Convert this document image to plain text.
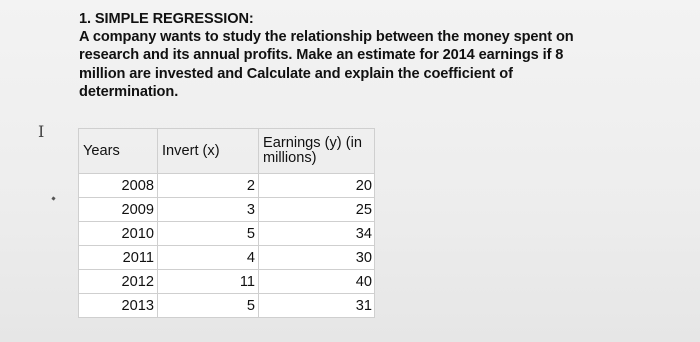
1. SIMPLE REGRESSION:
A company wants to study the relationship between the money spent on
research and its annual profits. Make an estimate for 2014 earnings if 8
million are invested and Calculate and explain the coefficient of
determination.
I
Years	Invert (x)	Earnings (y) (in
millions)

2008	2	20
2009	3	25
2010	5	34
2011	4	30
2012	11	40
2013	5	31
